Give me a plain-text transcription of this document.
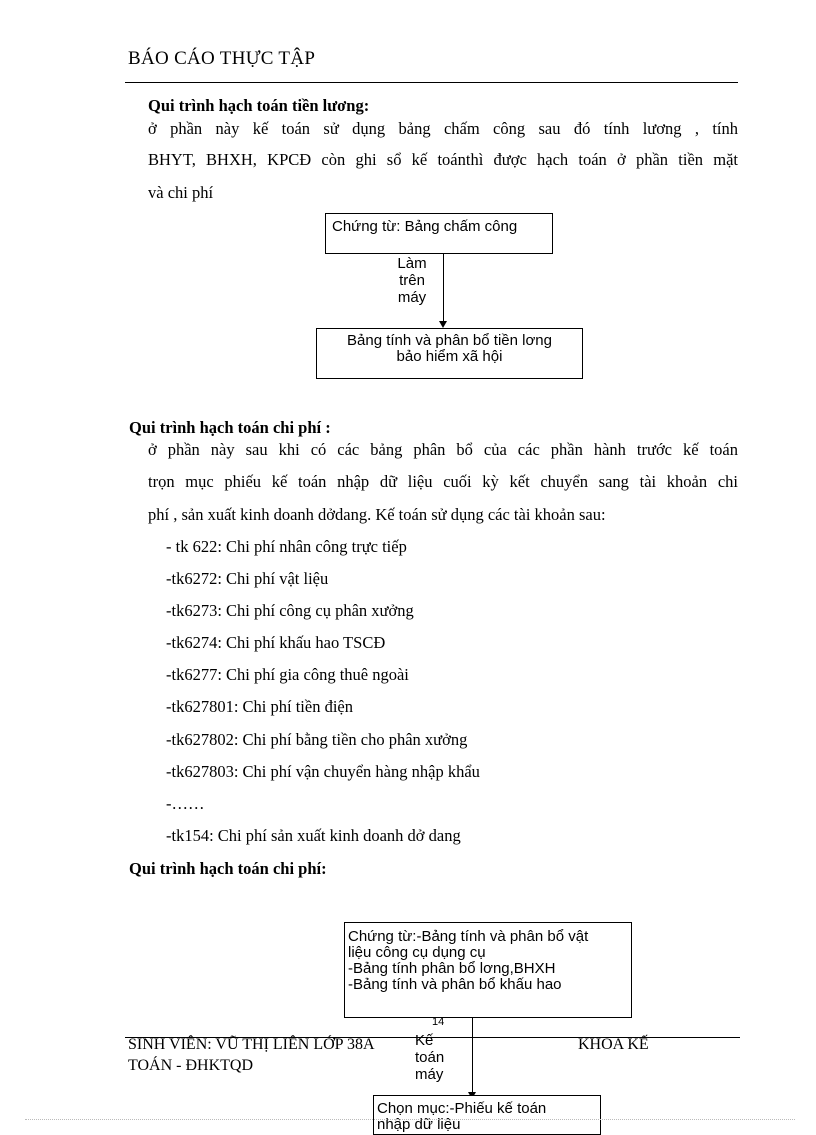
BÁO CÁO THỰC TẬP
Qui trình hạch toán tiền lương:
ở phần này kế toán sử dụng bảng chấm công sau đó tính lương , tính
BHYT, BHXH, KPCĐ còn ghi sổ kế toánthì được hạch toán ở phần tiền mặt
và chi phí
Chứng từ: Bảng chấm công
Làm
trên
máy
Bảng tính và phân bổ tiền lơng
bảo hiểm xã hội
Qui trình hạch toán chi phí :
ở phần này sau khi có các bảng phân bổ của các phần hành trước kế toán
trọn mục phiếu kế toán nhập dữ liệu cuối kỳ kết chuyển sang tài khoản chi
phí , sản xuất kinh doanh dởdang. Kế toán sử dụng các tài khoản sau:
- tk 622: Chi phí nhân công trực tiếp
-tk6272: Chi phí vật liệu
-tk6273: Chi phí công cụ phân xưởng
-tk6274: Chi phí khấu hao TSCĐ
-tk6277: Chi phí gia công thuê ngoài
-tk627801: Chi phí tiền điện
-tk627802: Chi phí bằng tiền cho phân xưởng
-tk627803: Chi phí vận chuyển hàng nhập khẩu
-……
-tk154: Chi phí sản xuất kinh doanh dở dang
Qui trình hạch toán chi phí:
Chứng từ:-Bảng tính và phân bổ vật
liệu công cụ dụng cụ
-Bảng tính phân bổ lơng,BHXH
-Bảng tính và phân bổ khấu hao
Kế
toán
máy
Chọn mục:-Phiếu kế toán
nhập dữ liệu
14
SINH VIÊN: VŨ THỊ LIÊN LỚP 38A
TOÁN - ĐHKTQD
KHOA KẾ
